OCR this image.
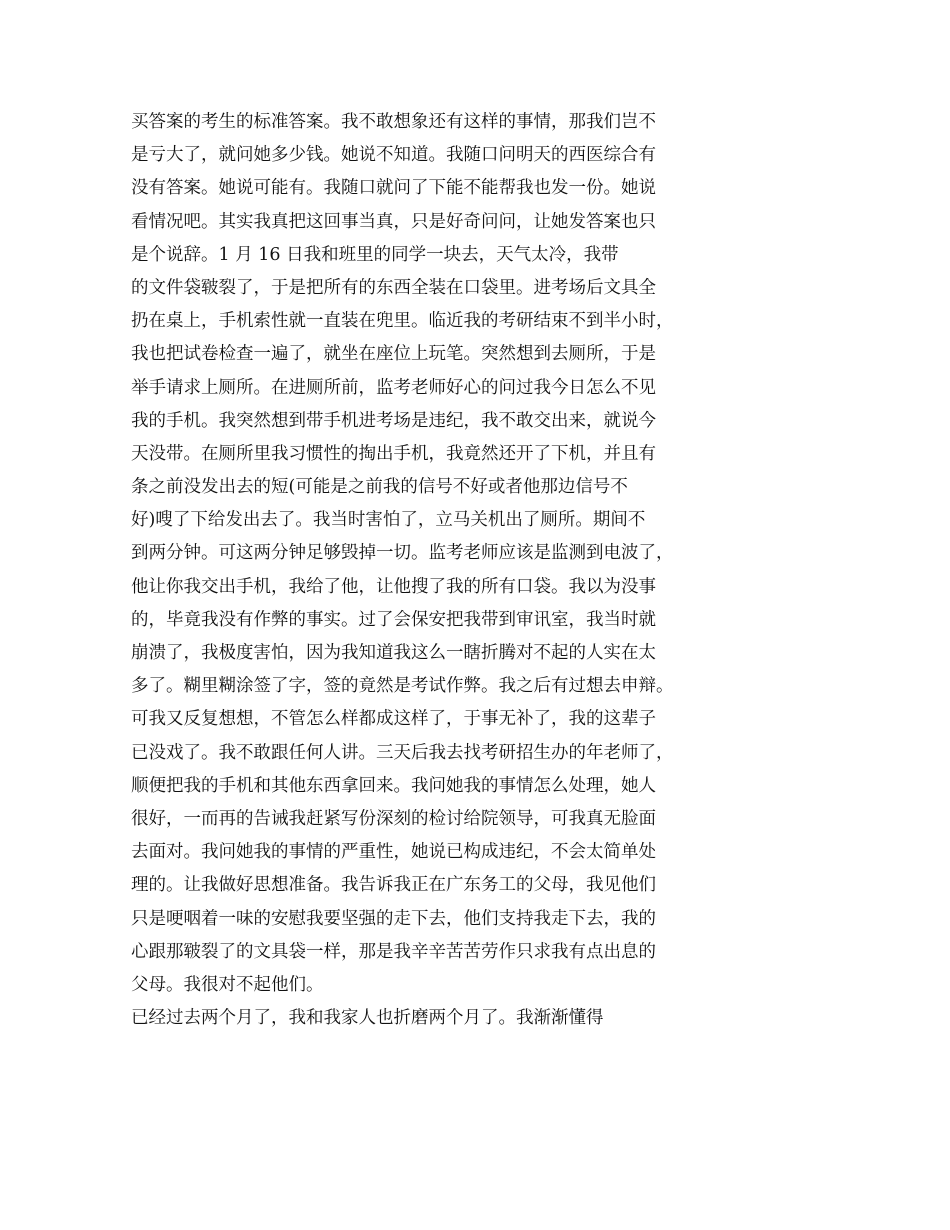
买答案的考生的标准答案。我不敢想象还有这样的事情，那我们岂不
是亏大了，就问她多少钱。她说不知道。我随口问明天的西医综合有
没有答案。她说可能有。我随口就问了下能不能帮我也发一份。她说
看情况吧。其实我真把这回事当真，只是好奇问问，让她发答案也只
是个说辞。1 月 16 日我和班里的同学一块去，天气太冷，我带
的文件袋皲裂了，于是把所有的东西全装在口袋里。进考场后文具全
扔在桌上，手机索性就一直装在兜里。临近我的考研结束不到半小时，
我也把试卷检查一遍了，就坐在座位上玩笔。突然想到去厕所，于是
举手请求上厕所。在进厕所前，监考老师好心的问过我今日怎么不见
我的手机。我突然想到带手机进考场是违纪，我不敢交出来，就说今
天没带。在厕所里我习惯性的掏出手机，我竟然还开了下机，并且有
条之前没发出去的短(可能是之前我的信号不好或者他那边信号不
好)嗖了下给发出去了。我当时害怕了，立马关机出了厕所。期间不
到两分钟。可这两分钟足够毁掉一切。监考老师应该是监测到电波了，
他让你我交出手机，我给了他，让他搜了我的所有口袋。我以为没事
的，毕竟我没有作弊的事实。过了会保安把我带到审讯室，我当时就
崩溃了，我极度害怕，因为我知道我这么一瞎折腾对不起的人实在太
多了。糊里糊涂签了字，签的竟然是考试作弊。我之后有过想去申辩。
可我又反复想想，不管怎么样都成这样了，于事无补了，我的这辈子
已没戏了。我不敢跟任何人讲。三天后我去找考研招生办的年老师了，
顺便把我的手机和其他东西拿回来。我问她我的事情怎么处理，她人
很好，一而再的告诫我赶紧写份深刻的检讨给院领导，可我真无脸面
去面对。我问她我的事情的严重性，她说已构成违纪，不会太简单处
理的。让我做好思想准备。我告诉我正在广东务工的父母，我见他们
只是哽咽着一味的安慰我要坚强的走下去，他们支持我走下去，我的
心跟那皲裂了的文具袋一样，那是我辛辛苦苦劳作只求我有点出息的
父母。我很对不起他们。
已经过去两个月了，我和我家人也折磨两个月了。我渐渐懂得
